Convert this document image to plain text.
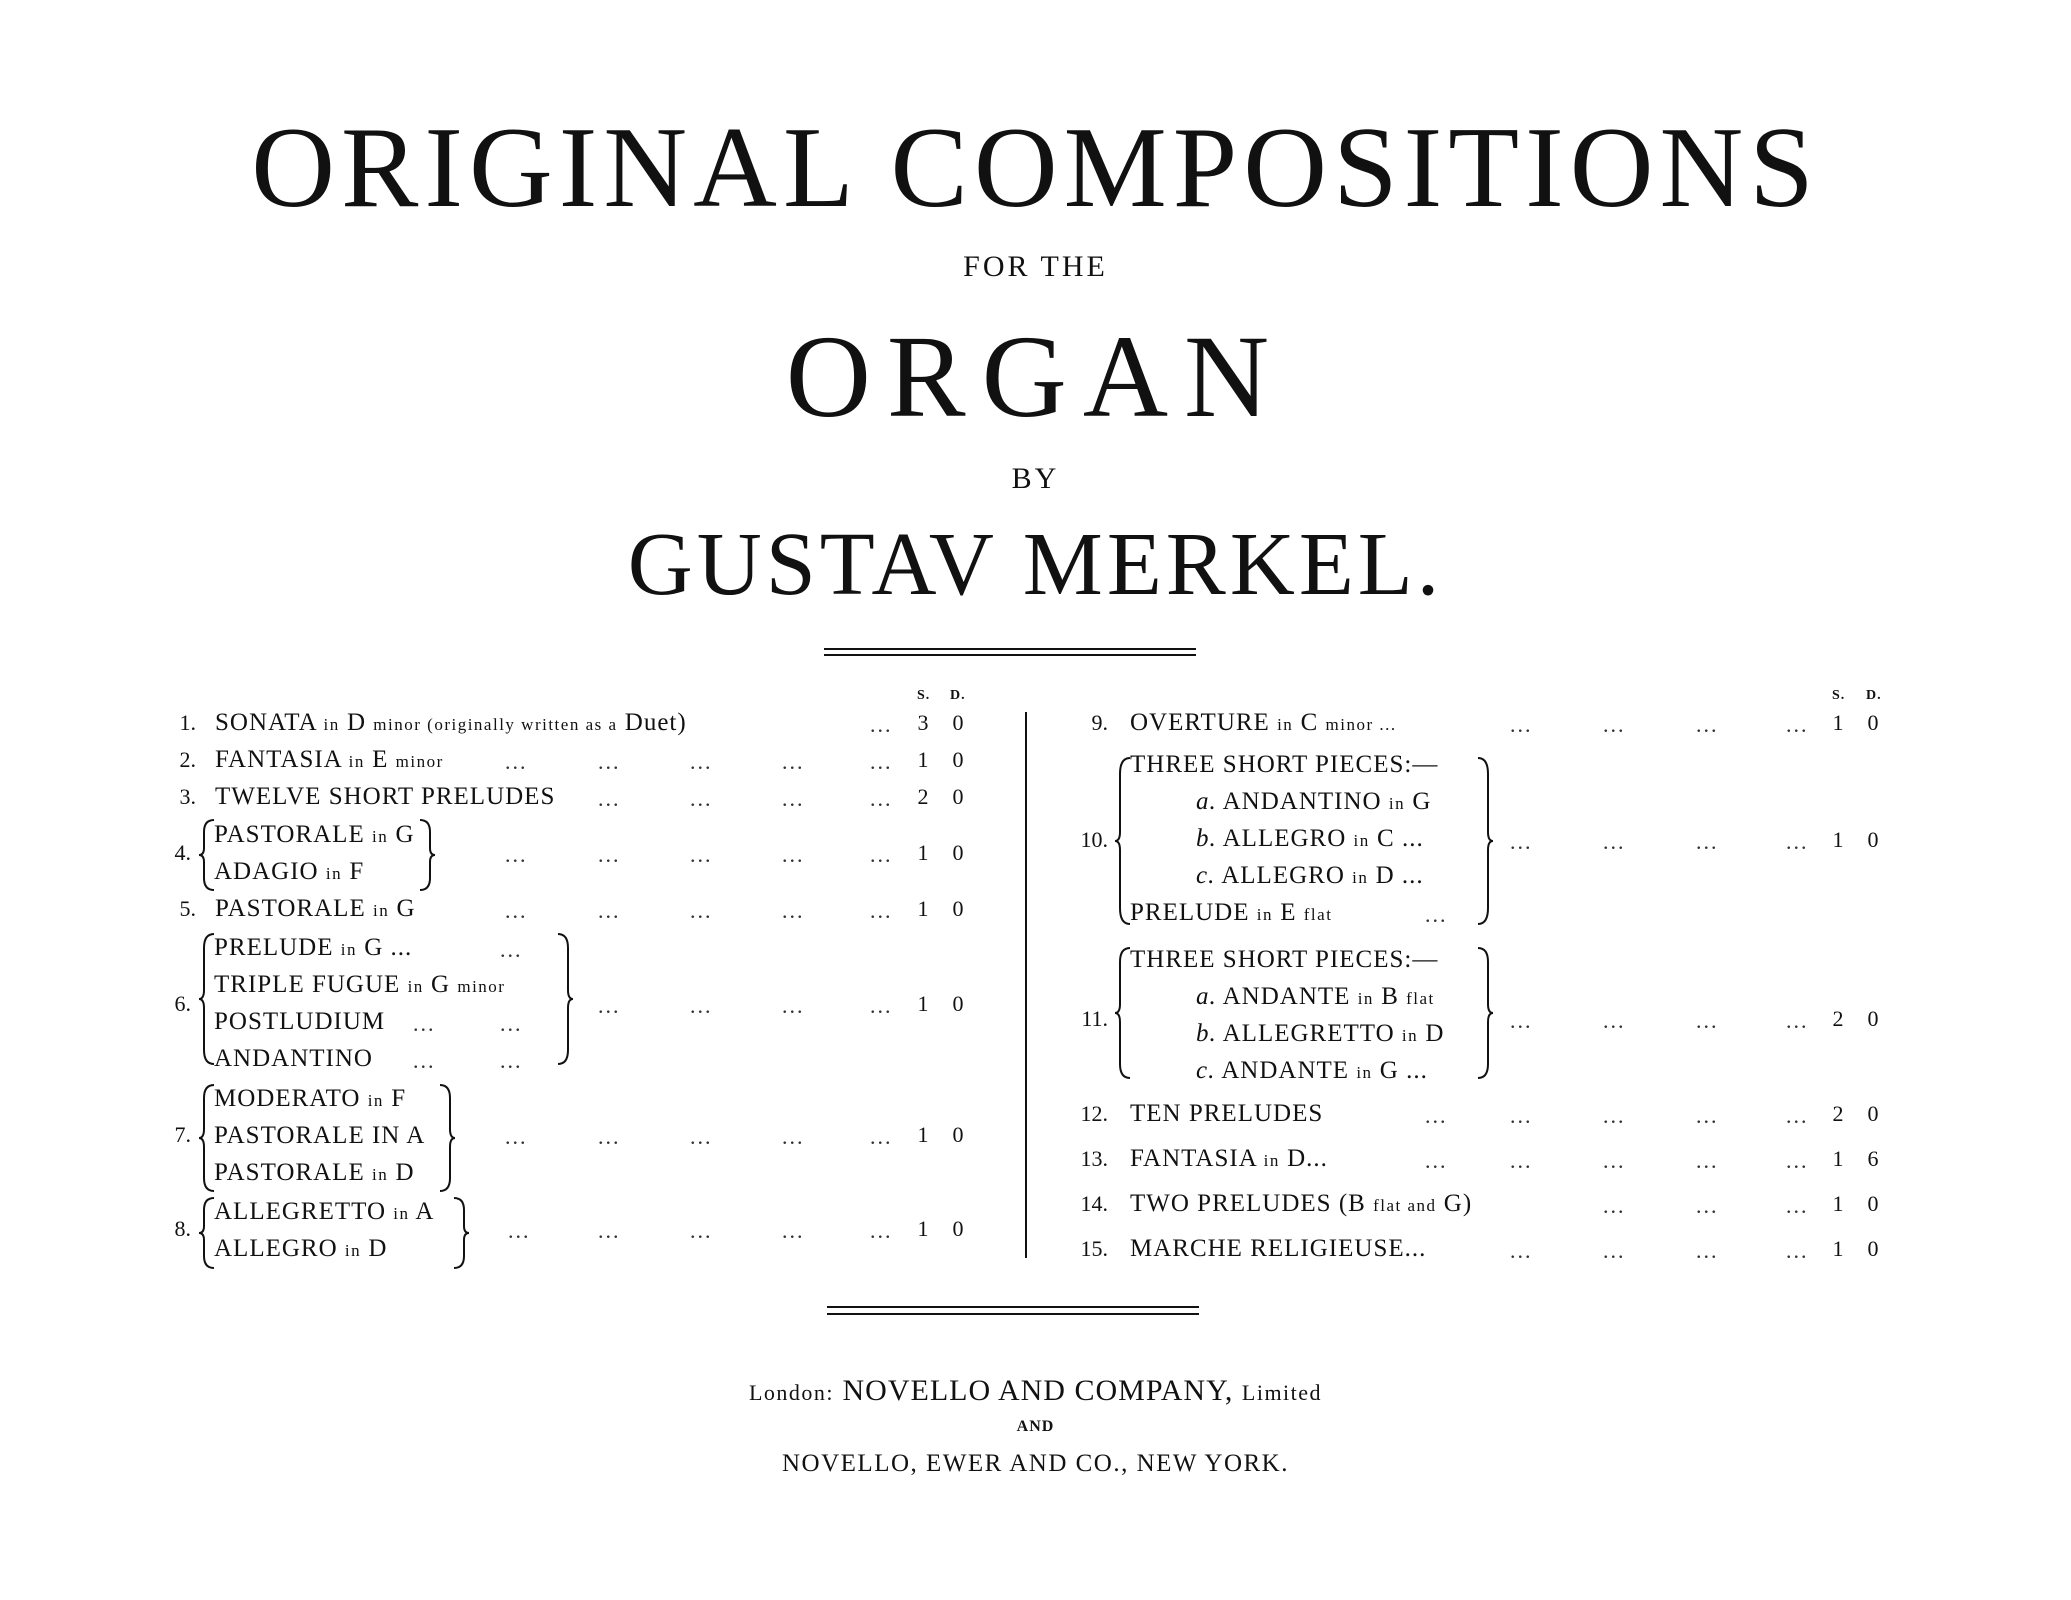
ORIGINAL COMPOSITIONS
FOR THE
ORGAN
BY
GUSTAV MERKEL.
S. D.	S. D.
1. SONATA in D minor (originally written as a Duet)	... 3 0
2. FANTASIA in E minor	...	...	...	...	... 1 0
3. TWELVE SHORT PRELUDES ...	...	...	... 2 0
4.
PASTORALE in G
ADAGIO in F
...	...	...	...	... 1 0
5. PASTORALE in G	...	...	...	...	... 1 0
6.
PRELUDE in G ...	...
TRIPLE FUGUE in G minor
POSTLUDIUM ...	...
ANDANTINO ...	...
...	...	...	... 1 0
7.
MODERATO in F
PASTORALE IN A
PASTORALE in D
...	...	...	...	... 1 0
8.
ALLEGRETTO in A
ALLEGRO in D
...	...	...	...	... 1 0
9. OVERTURE in C minor ...	...	...	...	... 1 0
10.
THREE SHORT PIECES:—
a. ANDANTINO in G
b. ALLEGRO in C ...
c. ALLEGRO in D ...
PRELUDE in E flat	...
...	...	...	... 1 0
11.
THREE SHORT PIECES:—
a. ANDANTE in B flat
b. ALLEGRETTO in D
c. ANDANTE in G ...
...	...	...	... 2 0
12. TEN PRELUDES	...	...	...	...	... 2 0
13. FANTASIA in D...	...	...	...	...	... 1 6
14. TWO PRELUDES (B flat and G)	...	...	... 1 0
15. MARCHE RELIGIEUSE...	...	...	...	... 1 0
London: NOVELLO AND COMPANY, Limited
AND
NOVELLO, EWER AND CO., NEW YORK.
